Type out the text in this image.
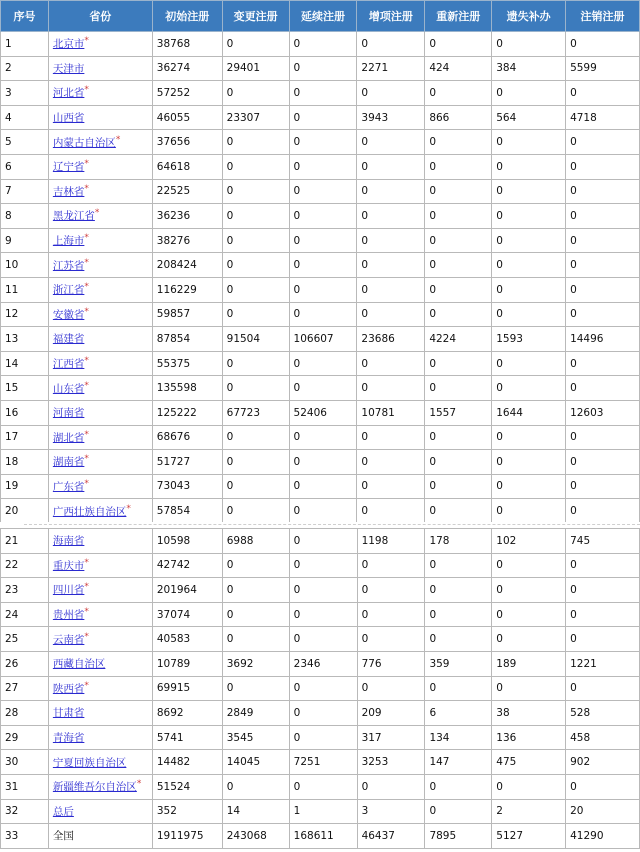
序号	省份	初始注册	变更注册	延续注册	增项注册	重新注册	遗失补办	注销注册
1	北京市*	38768	0	0	0	0	0	0
2	天津市	36274	29401	0	2271	424	384	5599
3	河北省*	57252	0	0	0	0	0	0
4	山西省	46055	23307	0	3943	866	564	4718
5	内蒙古自治区*	37656	0	0	0	0	0	0
6	辽宁省*	64618	0	0	0	0	0	0
7	吉林省*	22525	0	0	0	0	0	0
8	黑龙江省*	36236	0	0	0	0	0	0
9	上海市*	38276	0	0	0	0	0	0
10	江苏省*	208424	0	0	0	0	0	0
11	浙江省*	116229	0	0	0	0	0	0
12	安徽省*	59857	0	0	0	0	0	0
13	福建省	87854	91504	106607	23686	4224	1593	14496
14	江西省*	55375	0	0	0	0	0	0
15	山东省*	135598	0	0	0	0	0	0
16	河南省	125222	67723	52406	10781	1557	1644	12603
17	湖北省*	68676	0	0	0	0	0	0
18	湖南省*	51727	0	0	0	0	0	0
19	广东省*	73043	0	0	0	0	0	0
20	广西壮族自治区*	57854	0	0	0	0	0	0
21	海南省	10598	6988	0	1198	178	102	745
22	重庆市*	42742	0	0	0	0	0	0
23	四川省*	201964	0	0	0	0	0	0
24	贵州省*	37074	0	0	0	0	0	0
25	云南省*	40583	0	0	0	0	0	0
26	西藏自治区	10789	3692	2346	776	359	189	1221
27	陕西省*	69915	0	0	0	0	0	0
28	甘肃省	8692	2849	0	209	6	38	528
29	青海省	5741	3545	0	317	134	136	458
30	宁夏回族自治区	14482	14045	7251	3253	147	475	902
31	新疆维吾尔自治区*	51524	0	0	0	0	0	0
32	总后	352	14	1	3	0	2	20
33	全国	1911975	243068	168611	46437	7895	5127	41290
